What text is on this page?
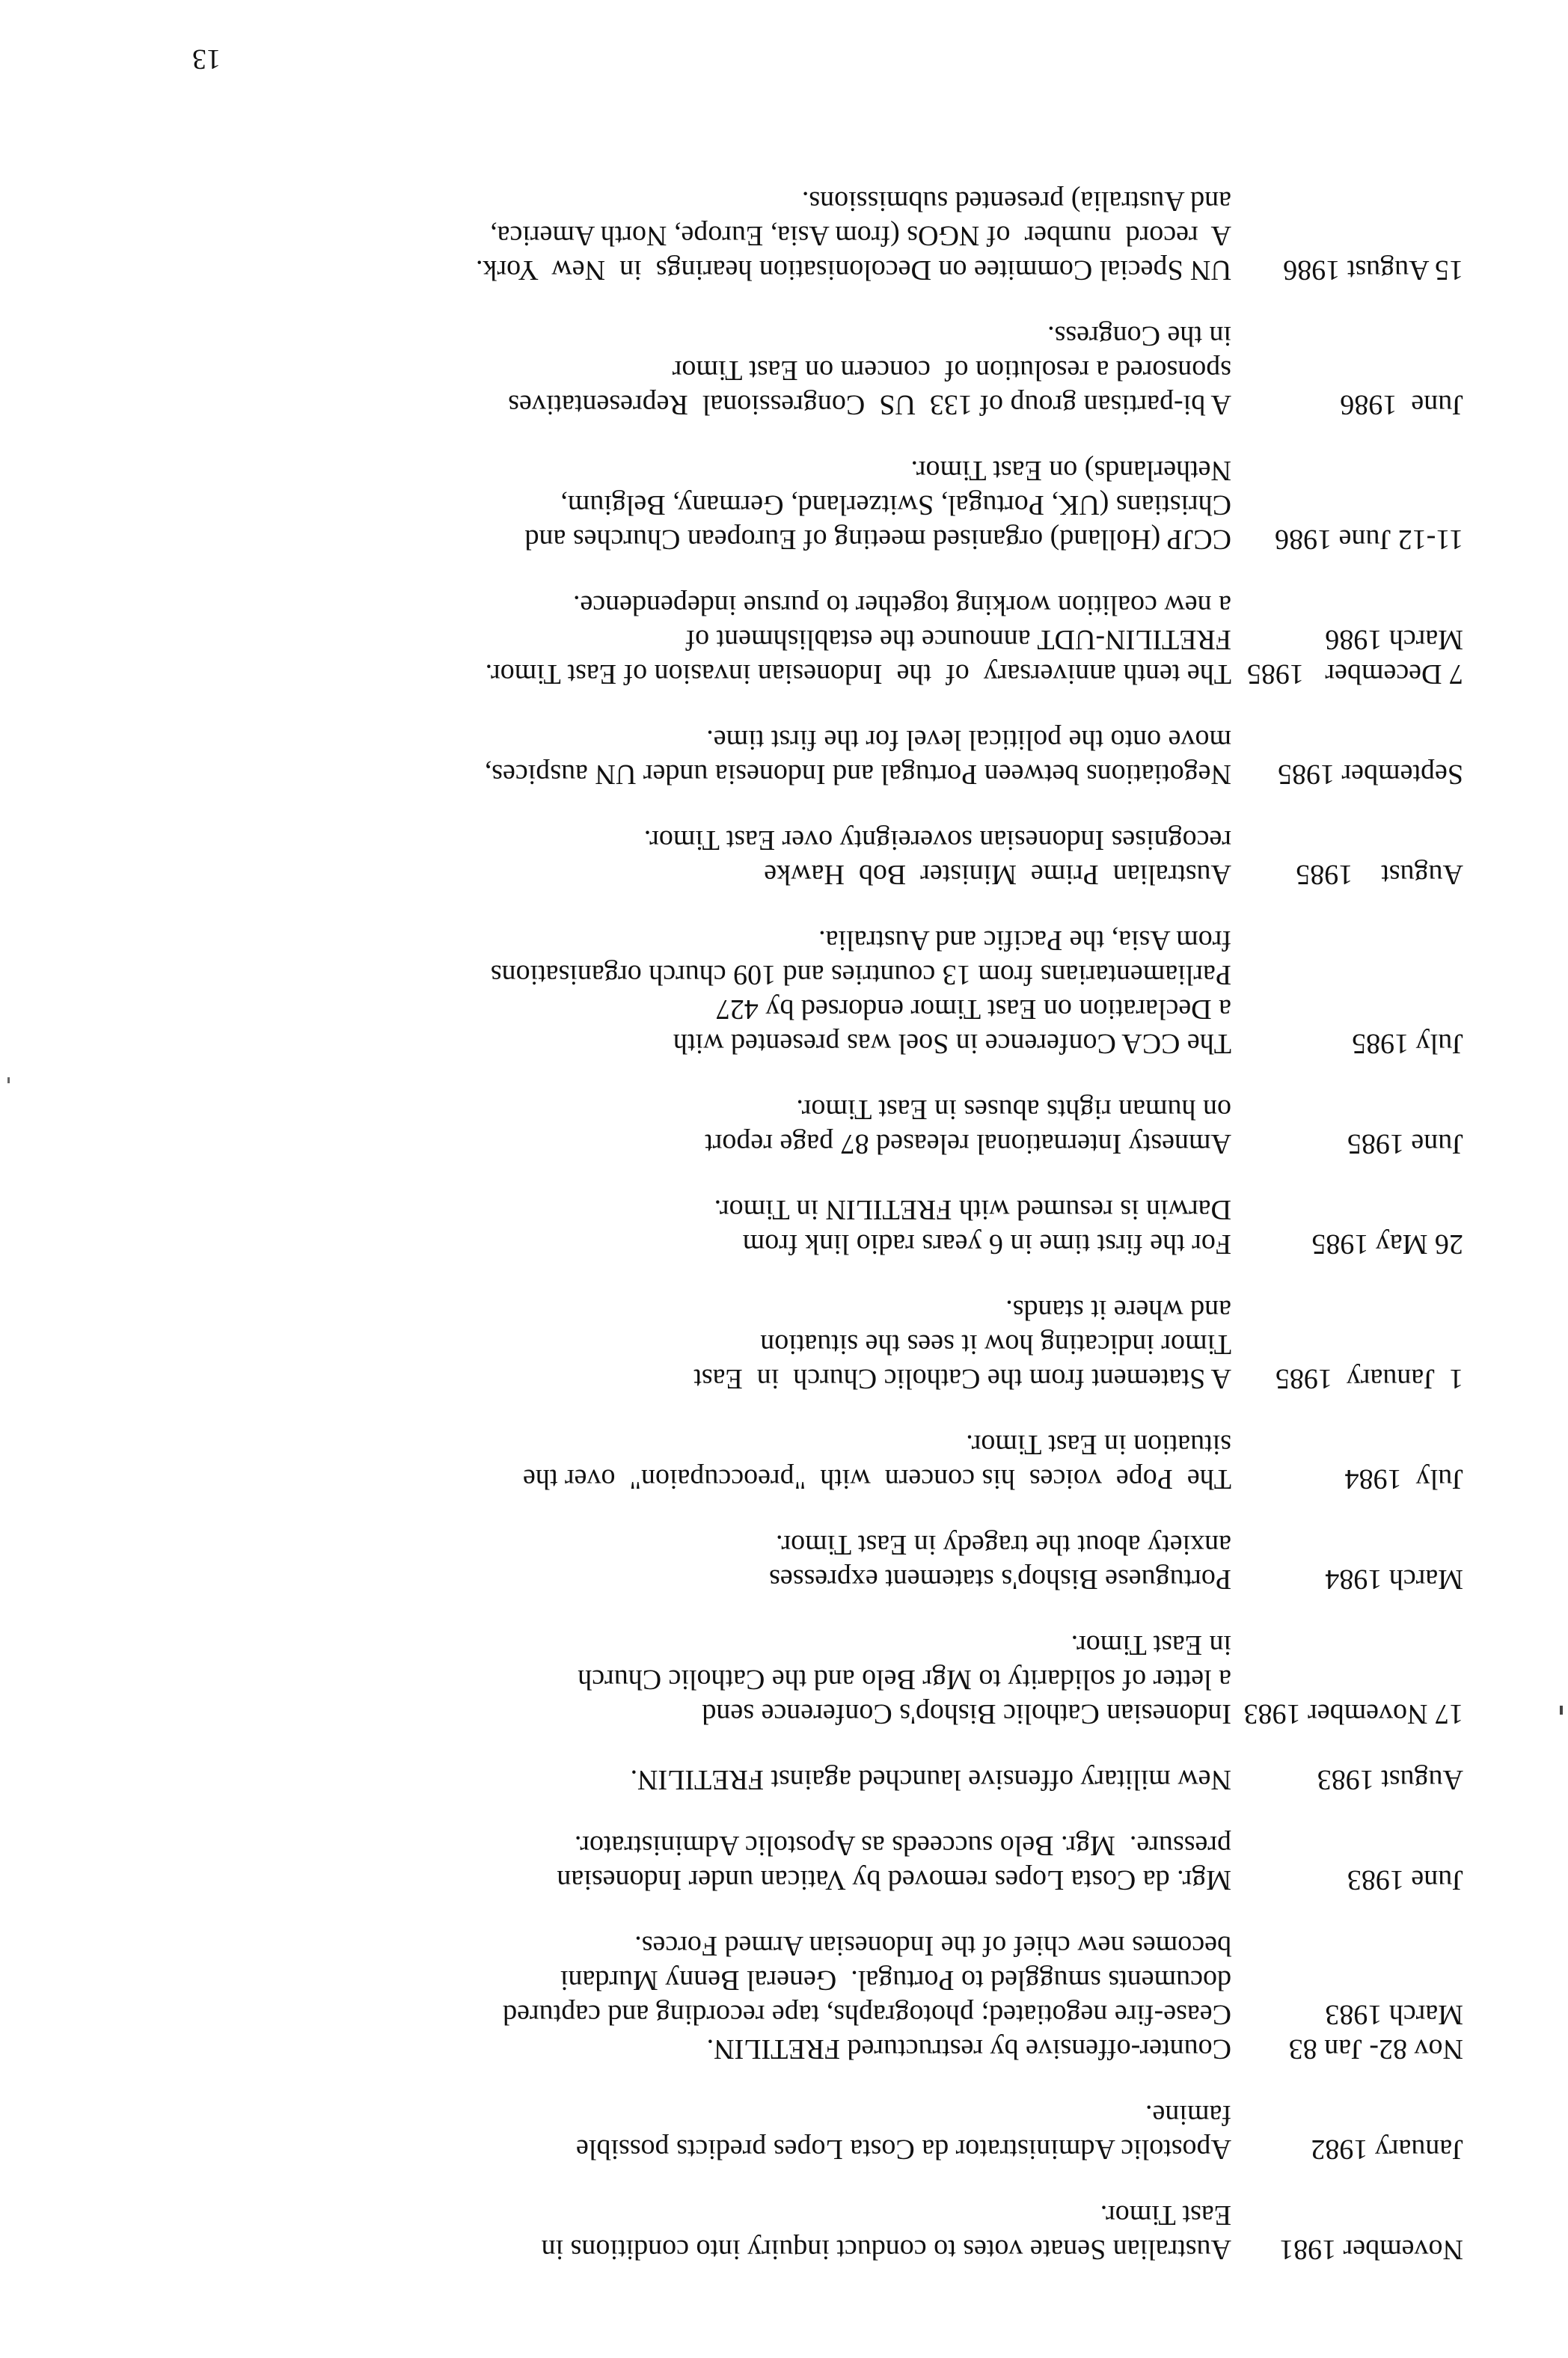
13
November 1981
Australian Senate votes to conduct inquiry into conditions in
East Timor.
January 1982
Apostolic Administrator da Costa Lopes predicts possible
famine.
Nov 82- Jan 83
Counter-offensive by restructured FRETILIN.
March 1983
Cease-fire negotiated; photographs, tape recording and captured
documents smuggled to Portugal.  General Benny Murdani
becomes new chief of the Indonesian Armed Forces.
June 1983
Mgr. da Costa Lopes removed by Vatican under Indonesian
pressure.  Mgr. Belo succeeds as Apostolic Administrator.
August 1983
New military offensive launched against FRETILIN.
17 November 1983
Indonesian Catholic Bishop's Conference send
a letter of solidarity to Mgr Belo and the Catholic Church
in East Timor.
March 1984
Portuguese Bishop's statement expresses
anxiety about the tragedy in East Timor.
July  1984
The  Pope  voices  his concern  with  "preoccupaion"  over the
situation in East Timor.
1  January  1985
A Statement from the Catholic Church  in  East
Timor indicating how it sees the situation
and where it stands.
26 May 1985
For the first time in 6 years radio link from
Darwin is resumed with FRETILIN in Timor.
June 1985
Amnesty International released 87 page report
on human rights abuses in East Timor.
July 1985
The CCA Conference in Soel was presented with
a Declaration on East Timor endorsed by 427
Parliamentarians from 13 countries and 109 church organisations
from Asia, the Pacific and Australia.
August    1985
Australian  Prime  Minister  Bob  Hawke
recognises Indonesian sovereignty over East Timor.
September 1985
Negotiations between Portugal and Indonesia under UN auspices,
move onto the political level for the first time.
7 December   1985
The tenth anniversary  of  the  Indonesian invasion of East Timor.
March 1986
FRETILIN-UDT announce the establishment of
a new coalition working together to pursue independence.
11-12 June 1986
CCJP (Holland) organised meeting of European Churches and
Christians (UK, Portugal, Switzerland, Germany, Belgium,
Netherlands) on East Timor.
June  1986
A bi-partisan group of 133  US  Congressional  Representatives
sponsored a resolution of  concern on East Timor
in the Congress.
15 August 1986
UN Special Commitee on Decolonisation hearings  in  New  York.
A  record  number  of NGOs (from Asia, Europe, North America,
and Australia) presented submissions.
